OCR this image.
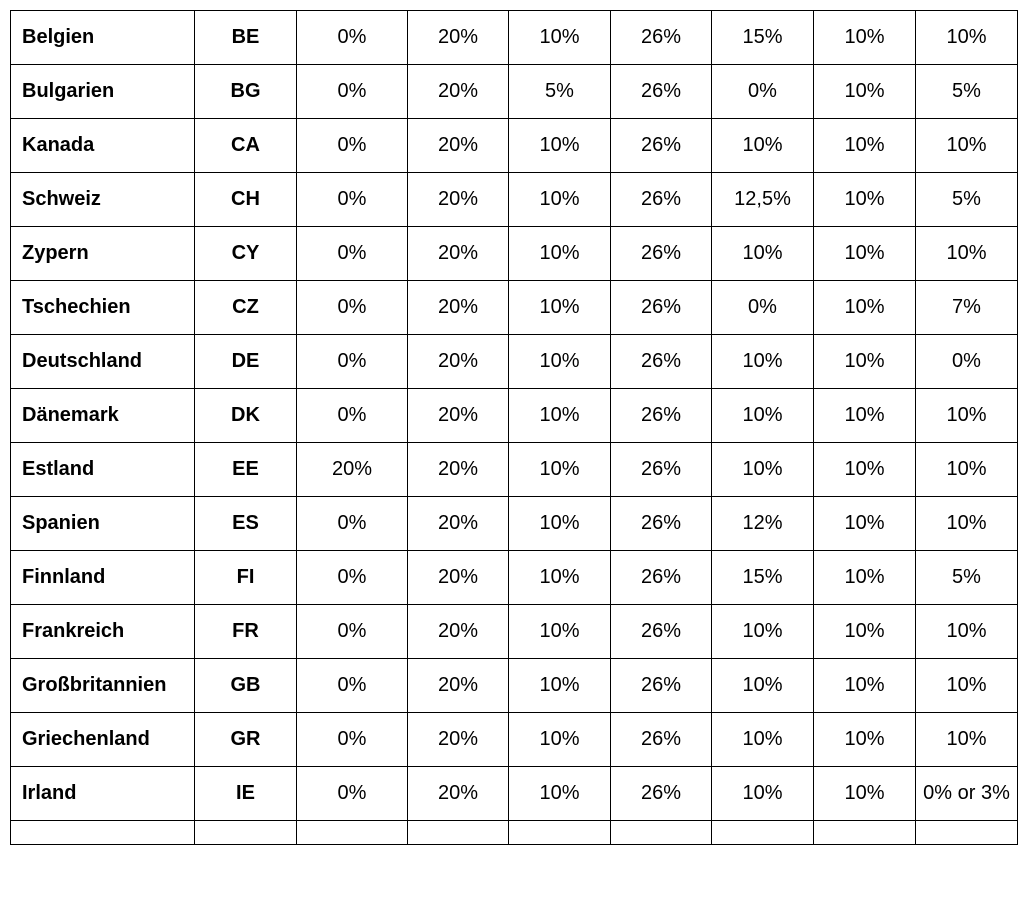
Belgien	BE	0%	20%	10%	26%	15%	10%	10%
Bulgarien	BG	0%	20%	5%	26%	0%	10%	5%
Kanada	CA	0%	20%	10%	26%	10%	10%	10%
Schweiz	CH	0%	20%	10%	26%	12,5%	10%	5%
Zypern	CY	0%	20%	10%	26%	10%	10%	10%
Tschechien	CZ	0%	20%	10%	26%	0%	10%	7%
Deutschland	DE	0%	20%	10%	26%	10%	10%	0%
Dänemark	DK	0%	20%	10%	26%	10%	10%	10%
Estland	EE	20%	20%	10%	26%	10%	10%	10%
Spanien	ES	0%	20%	10%	26%	12%	10%	10%
Finnland	FI	0%	20%	10%	26%	15%	10%	5%
Frankreich	FR	0%	20%	10%	26%	10%	10%	10%
Großbritannien	GB	0%	20%	10%	26%	10%	10%	10%
Griechenland	GR	0%	20%	10%	26%	10%	10%	10%
Irland	IE	0%	20%	10%	26%	10%	10%	0% or 3%
